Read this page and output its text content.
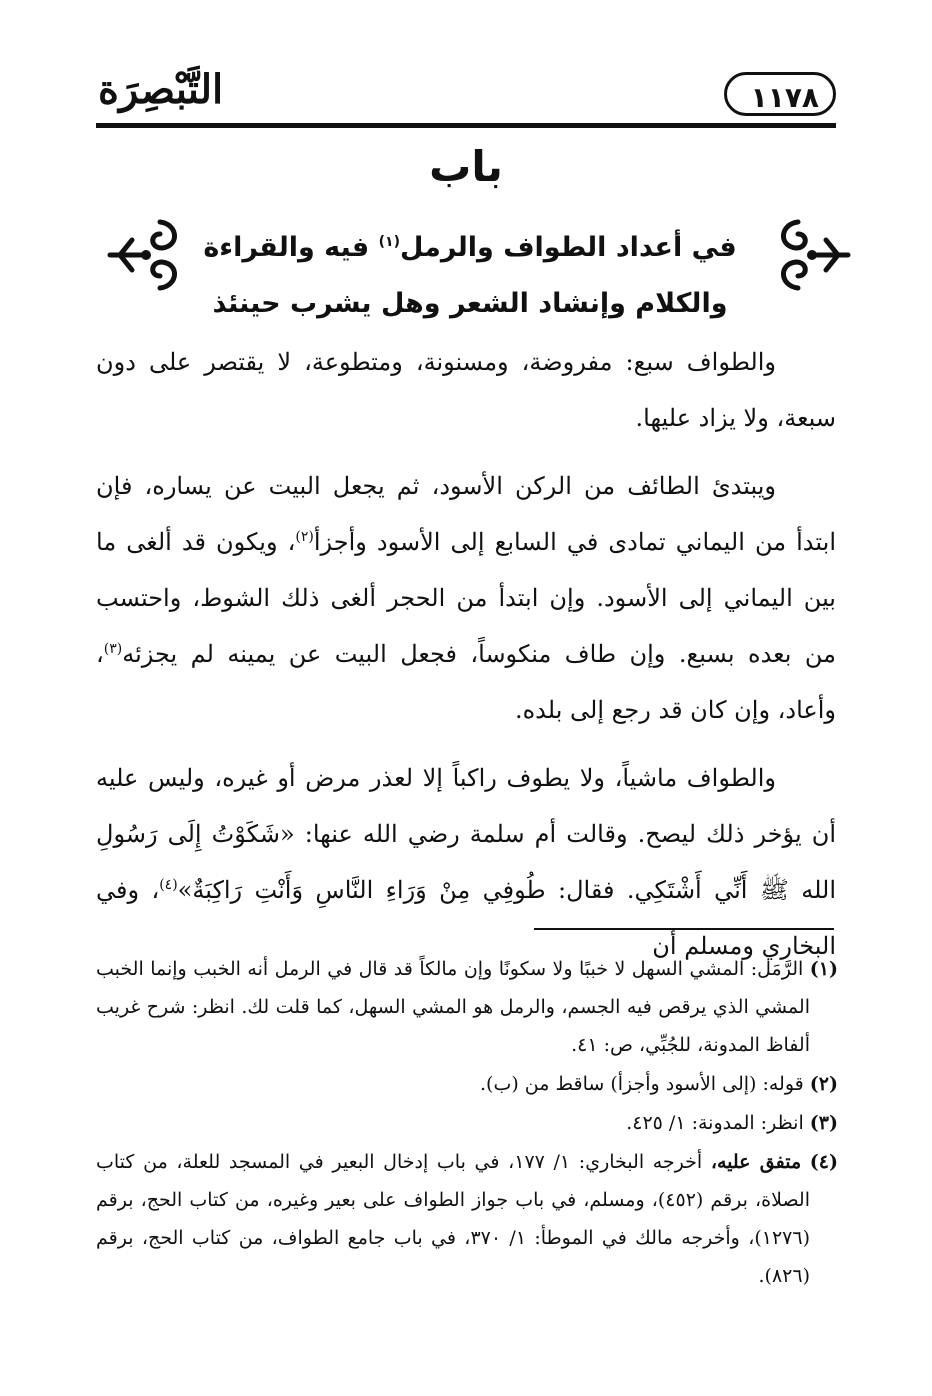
التَّبْصِرَة	١١٧٨
باب
في أعداد الطواف والرمل$^{(١)}$ فيه والقراءة
والكلام وإنشاد الشعر وهل يشرب حينئذ

والطواف سبع: مفروضة، ومسنونة، ومتطوعة، لا يقتصر على دون سبعة، ولا يزاد عليها.

ويبتدئ الطائف من الركن الأسود، ثم يجعل البيت عن يساره، فإن ابتدأ من اليماني تمادى في السابع إلى الأسود وأجزأ$^{(٢)}$، ويكون قد ألغى ما بين اليماني إلى الأسود. وإن ابتدأ من الحجر ألغى ذلك الشوط، واحتسب من بعده بسبع. وإن طاف منكوساً، فجعل البيت عن يمينه لم يجزئه$^{(٣)}$، وأعاد، وإن كان قد رجع إلى بلده.

والطواف ماشياً، ولا يطوف راكباً إلا لعذر مرض أو غيره، وليس عليه أن يؤخر ذلك ليصح. وقالت أم سلمة رضي الله عنها: «شَكَوْتُ إِلَى رَسُولِ الله ﷺ أَنِّي أَشْتَكِي. فقال: طُوفِي مِنْ وَرَاءِ النَّاسِ وَأَنْتِ رَاكِبَةٌ»$^{(٤)}$، وفي البخاري ومسلم أن

(١) الرَّمَل: المشي السهل لا خببًا ولا سكونًا وإن مالكاً قد قال في الرمل أنه الخبب وإنما الخبب المشي الذي يرقص فيه الجسم، والرمل هو المشي السهل، كما قلت لك. انظر: شرح غريب ألفاظ المدونة، للجُبِّي، ص: ٤١.

(٢) قوله: (إلى الأسود وأجزأ) ساقط من (ب).

(٣) انظر: المدونة: ١/ ٤٢٥.

(٤) متفق عليه، أخرجه البخاري: ١/ ١٧٧، في باب إدخال البعير في المسجد للعلة، من كتاب الصلاة، برقم (٤٥٢)، ومسلم، في باب جواز الطواف على بعير وغيره، من كتاب الحج، برقم (١٢٧٦)، وأخرجه مالك في الموطأ: ١/ ٣٧٠، في باب جامع الطواف، من كتاب الحج، برقم (٨٢٦).
